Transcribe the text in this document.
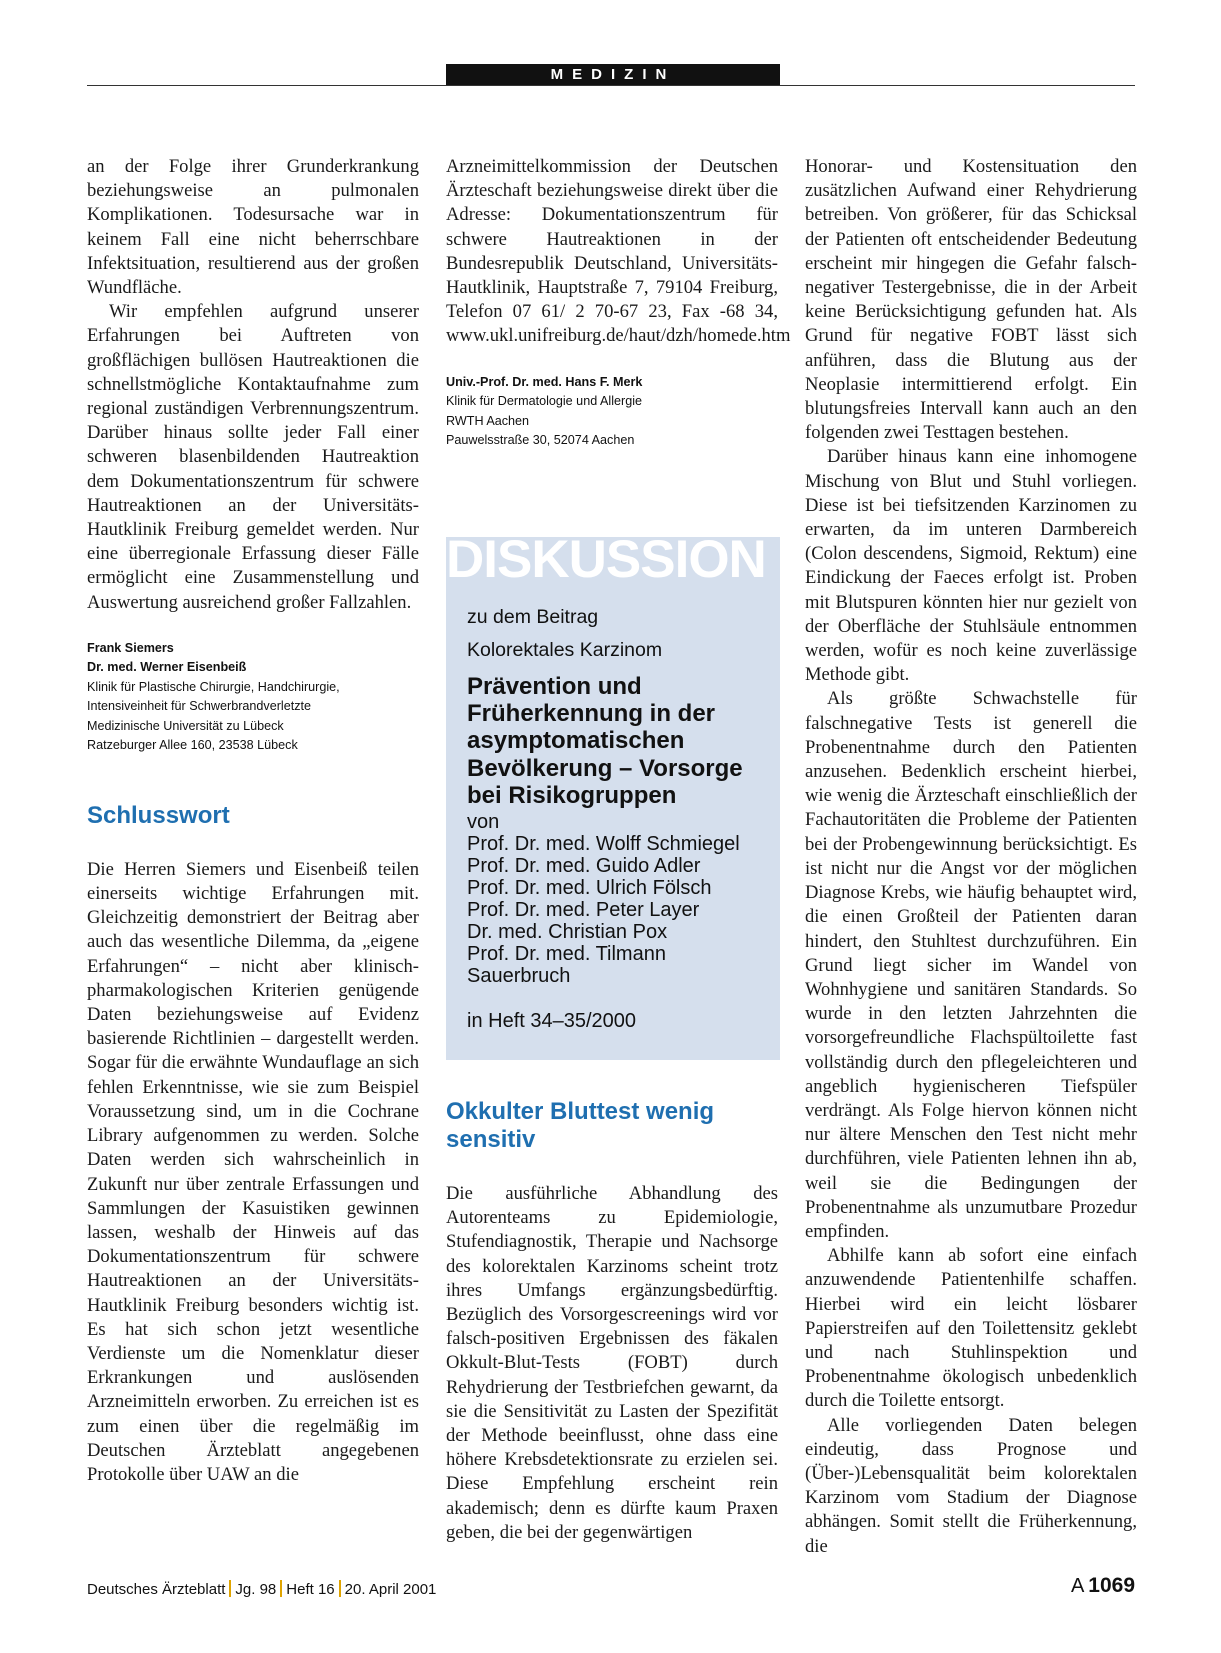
MEDIZIN

an der Folge ihrer Grunderkrankung beziehungsweise an pulmonalen Komplikationen. Todesursache war in keinem Fall eine nicht beherrschbare Infektsituation, resultierend aus der großen Wundfläche.

Wir empfehlen aufgrund unserer Erfahrungen bei Auftreten von großflächigen bullösen Hautreaktionen die schnellstmögliche Kontaktaufnahme zum regional zuständigen Verbrennungszentrum. Darüber hinaus sollte jeder Fall einer schweren blasenbildenden Hautreaktion dem Dokumentationszentrum für schwere Hautreaktionen an der Universitäts-Hautklinik Freiburg gemeldet werden. Nur eine überregionale Erfassung dieser Fälle ermöglicht eine Zusammenstellung und Auswertung ausreichend großer Fallzahlen.

Frank Siemers
Dr. med. Werner Eisenbeiß
Klinik für Plastische Chirurgie, Handchirurgie,
Intensiveinheit für Schwerbrandverletzte
Medizinische Universität zu Lübeck
Ratzeburger Allee 160, 23538 Lübeck
Schlusswort

Die Herren Siemers und Eisenbeiß teilen einerseits wichtige Erfahrungen mit. Gleichzeitig demonstriert der Beitrag aber auch das wesentliche Dilemma, da „eigene Erfahrungen“ – nicht aber klinisch-pharmakologischen Kriterien genügende Daten beziehungsweise auf Evidenz basierende Richtlinien – dargestellt werden. Sogar für die erwähnte Wundauflage an sich fehlen Erkenntnisse, wie sie zum Beispiel Voraussetzung sind, um in die Cochrane Library aufgenommen zu werden. Solche Daten werden sich wahrscheinlich in Zukunft nur über zentrale Erfassungen und Sammlungen der Kasuistiken gewinnen lassen, weshalb der Hinweis auf das Dokumentationszentrum für schwere Hautreaktionen an der Universitäts-Hautklinik Freiburg besonders wichtig ist. Es hat sich schon jetzt wesentliche Verdienste um die Nomenklatur dieser Erkrankungen und auslösenden Arzneimitteln erworben. Zu erreichen ist es zum einen über die regelmäßig im Deutschen Ärzteblatt angegebenen Protokolle über UAW an die

Arzneimittelkommission der Deutschen Ärzteschaft beziehungsweise direkt über die Adresse: Dokumentationszentrum für schwere Hautreaktionen in der Bundesrepublik Deutschland, Universitäts-Hautklinik, Hauptstraße 7, 79104 Freiburg, Telefon 07 61/ 2 70-67 23, Fax -68 34, www.ukl.unifreiburg.de/haut/dzh/homede.htm

Univ.-Prof. Dr. med. Hans F. Merk
Klinik für Dermatologie und Allergie
RWTH Aachen
Pauwelsstraße 30, 52074 Aachen
DISKUSSION
zu dem Beitrag
Kolorektales Karzinom
Prävention und Früherkennung in der asymptomatischen Bevölkerung – Vorsorge bei Risikogruppen
von
Prof. Dr. med. Wolff Schmiegel
Prof. Dr. med. Guido Adler
Prof. Dr. med. Ulrich Fölsch
Prof. Dr. med. Peter Layer
Dr. med. Christian Pox
Prof. Dr. med. Tilmann Sauerbruch
in Heft 34–35/2000
Okkulter Bluttest wenig sensitiv

Die ausführliche Abhandlung des Autorenteams zu Epidemiologie, Stufendiagnostik, Therapie und Nachsorge des kolorektalen Karzinoms scheint trotz ihres Umfangs ergänzungsbedürftig. Bezüglich des Vorsorgescreenings wird vor falsch-positiven Ergebnissen des fäkalen Okkult-Blut-Tests (FOBT) durch Rehydrierung der Testbriefchen gewarnt, da sie die Sensitivität zu Lasten der Spezifität der Methode beeinflusst, ohne dass eine höhere Krebsdetektionsrate zu erzielen sei. Diese Empfehlung erscheint rein akademisch; denn es dürfte kaum Praxen geben, die bei der gegenwärtigen

Honorar- und Kostensituation den zusätzlichen Aufwand einer Rehydrierung betreiben. Von größerer, für das Schicksal der Patienten oft entscheidender Bedeutung erscheint mir hingegen die Gefahr falsch-negativer Testergebnisse, die in der Arbeit keine Berücksichtigung gefunden hat. Als Grund für negative FOBT lässt sich anführen, dass die Blutung aus der Neoplasie intermittierend erfolgt. Ein blutungsfreies Intervall kann auch an den folgenden zwei Testtagen bestehen.

Darüber hinaus kann eine inhomogene Mischung von Blut und Stuhl vorliegen. Diese ist bei tiefsitzenden Karzinomen zu erwarten, da im unteren Darmbereich (Colon descendens, Sigmoid, Rektum) eine Eindickung der Faeces erfolgt ist. Proben mit Blutspuren könnten hier nur gezielt von der Oberfläche der Stuhlsäule entnommen werden, wofür es noch keine zuverlässige Methode gibt.

Als größte Schwachstelle für falschnegative Tests ist generell die Probenentnahme durch den Patienten anzusehen. Bedenklich erscheint hierbei, wie wenig die Ärzteschaft einschließlich der Fachautoritäten die Probleme der Patienten bei der Probengewinnung berücksichtigt. Es ist nicht nur die Angst vor der möglichen Diagnose Krebs, wie häufig behauptet wird, die einen Großteil der Patienten daran hindert, den Stuhltest durchzuführen. Ein Grund liegt sicher im Wandel von Wohnhygiene und sanitären Standards. So wurde in den letzten Jahrzehnten die vorsorgefreundliche Flachspültoilette fast vollständig durch den pflegeleichteren und angeblich hygienischeren Tiefspüler verdrängt. Als Folge hiervon können nicht nur ältere Menschen den Test nicht mehr durchführen, viele Patienten lehnen ihn ab, weil sie die Bedingungen der Probenentnahme als unzumutbare Prozedur empfinden.

Abhilfe kann ab sofort eine einfach anzuwendende Patientenhilfe schaffen. Hierbei wird ein leicht lösbarer Papierstreifen auf den Toilettensitz geklebt und nach Stuhlinspektion und Probenentnahme ökologisch unbedenklich durch die Toilette entsorgt.

Alle vorliegenden Daten belegen eindeutig, dass Prognose und (Über-)Lebensqualität beim kolorektalen Karzinom vom Stadium der Diagnose abhängen. Somit stellt die Früherkennung, die

Deutsches Ärzteblatt Jg. 98 Heft 16 20. April 2001	A 1069
